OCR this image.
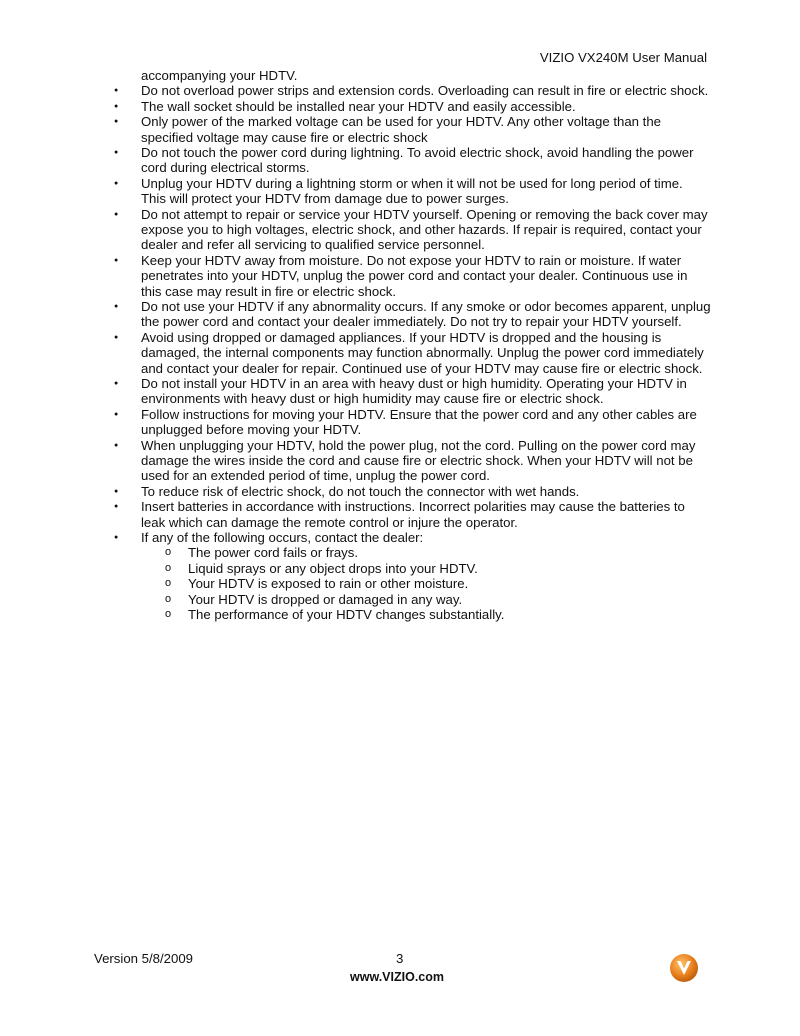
VIZIO VX240M User Manual
accompanying your HDTV.
●	Do not overload power strips and extension cords. Overloading can result in fire or electric shock.
●	The wall socket should be installed near your HDTV and easily accessible.
●	Only power of the marked voltage can be used for your HDTV. Any other voltage than the
specified voltage may cause fire or electric shock
●	Do not touch the power cord during lightning. To avoid electric shock, avoid handling the power
cord during electrical storms.
●	Unplug your HDTV during a lightning storm or when it will not be used for long period of time.
This will protect your HDTV from damage due to power surges.
●	Do not attempt to repair or service your HDTV yourself. Opening or removing the back cover may
expose you to high voltages, electric shock, and other hazards. If repair is required, contact your
dealer and refer all servicing to qualified service personnel.
●	Keep your HDTV away from moisture. Do not expose your HDTV to rain or moisture. If water
penetrates into your HDTV, unplug the power cord and contact your dealer. Continuous use in
this case may result in fire or electric shock.
●	Do not use your HDTV if any abnormality occurs. If any smoke or odor becomes apparent, unplug
the power cord and contact your dealer immediately. Do not try to repair your HDTV yourself.
●	Avoid using dropped or damaged appliances. If your HDTV is dropped and the housing is
damaged, the internal components may function abnormally. Unplug the power cord immediately
and contact your dealer for repair. Continued use of your HDTV may cause fire or electric shock.
●	Do not install your HDTV in an area with heavy dust or high humidity. Operating your HDTV in
environments with heavy dust or high humidity may cause fire or electric shock.
●	Follow instructions for moving your HDTV. Ensure that the power cord and any other cables are
unplugged before moving your HDTV.
●	When unplugging your HDTV, hold the power plug, not the cord. Pulling on the power cord may
damage the wires inside the cord and cause fire or electric shock. When your HDTV will not be
used for an extended period of time, unplug the power cord.
●	To reduce risk of electric shock, do not touch the connector with wet hands.
●	Insert batteries in accordance with instructions. Incorrect polarities may cause the batteries to
leak which can damage the remote control or injure the operator.
●	If any of the following occurs, contact the dealer:
o The power cord fails or frays.
o Liquid sprays or any object drops into your HDTV.
o Your HDTV is exposed to rain or other moisture.
o Your HDTV is dropped or damaged in any way.
o The performance of your HDTV changes substantially.
Version 5/8/2009	3
www.VIZIO.com
